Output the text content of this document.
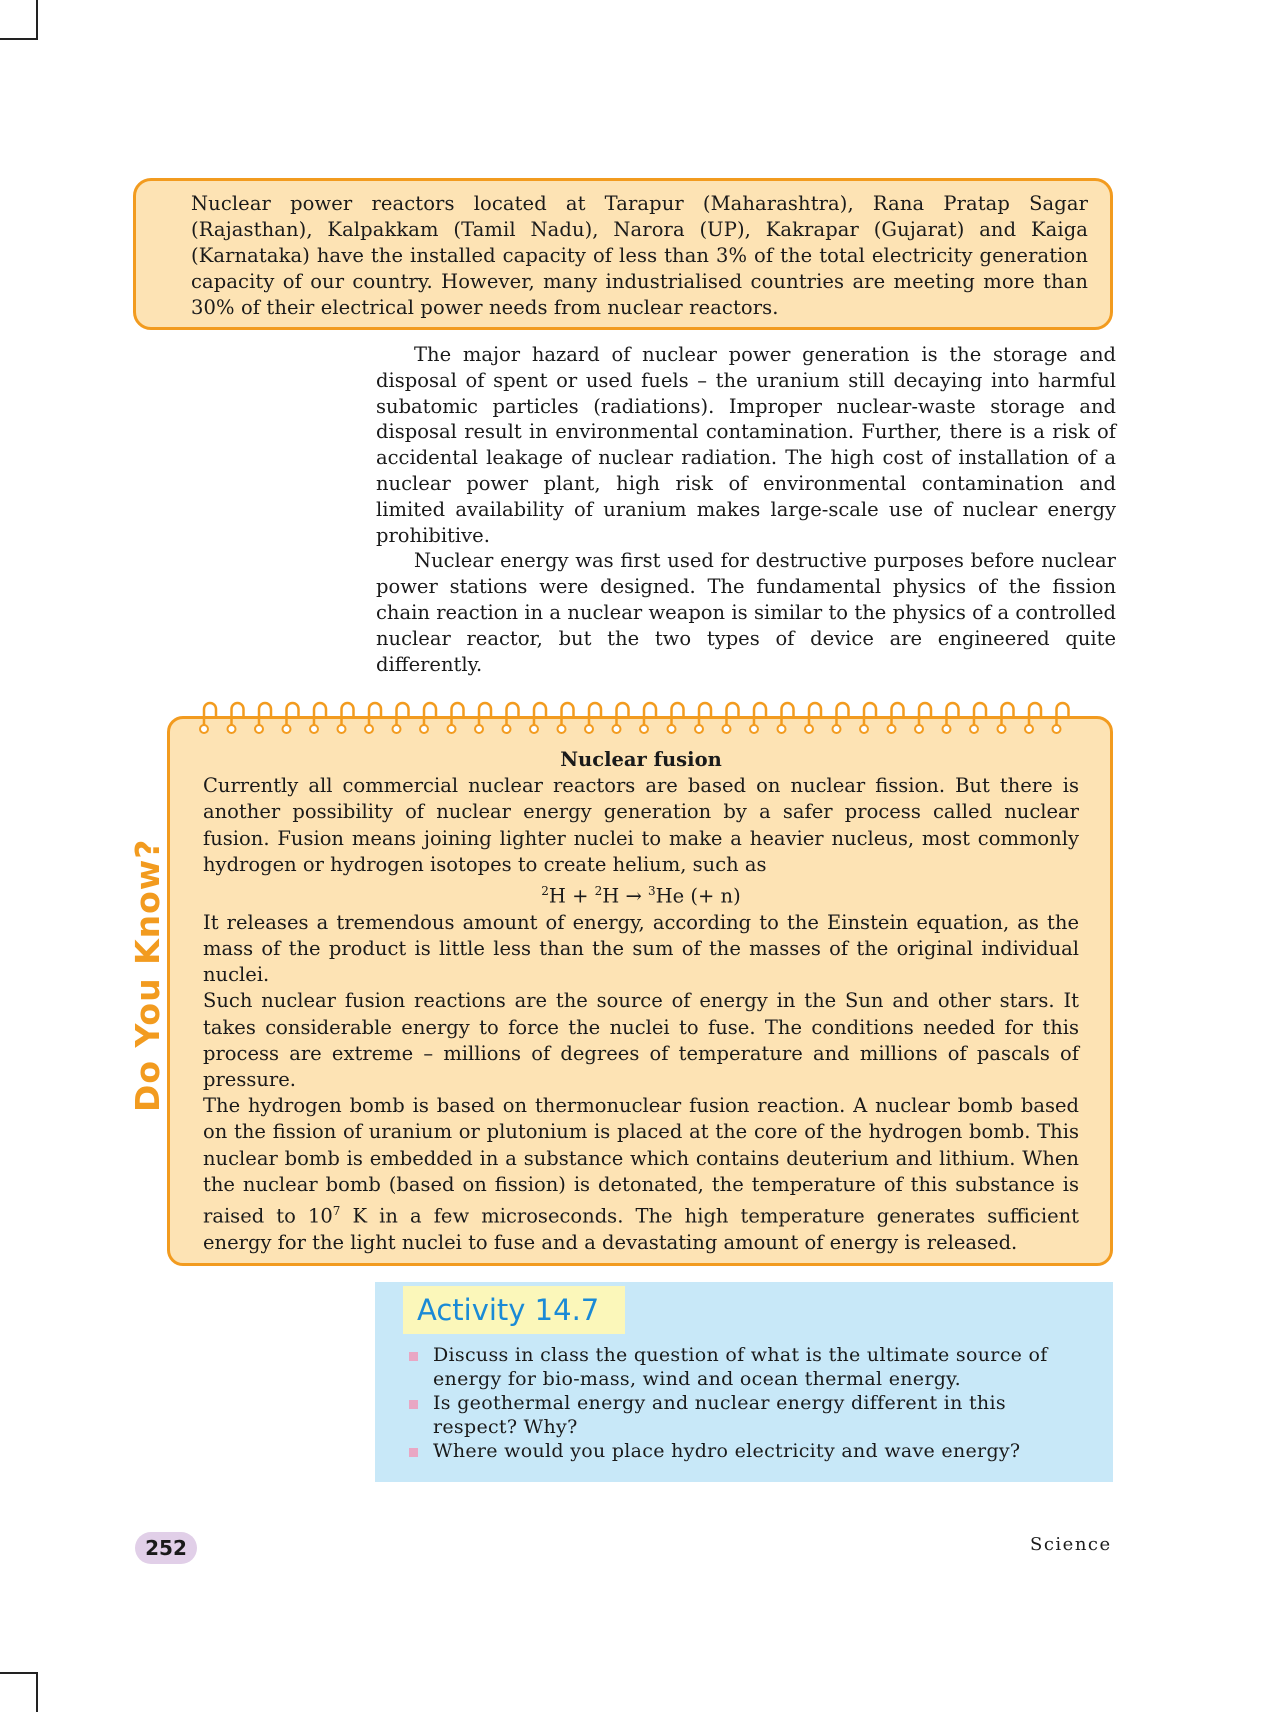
Nuclear power reactors located at Tarapur (Maharashtra), Rana Pratap Sagar (Rajasthan), Kalpakkam (Tamil Nadu), Narora (UP), Kakrapar (Gujarat) and Kaiga (Karnataka) have the installed capacity of less than 3% of the total electricity generation capacity of our country. However, many industrialised countries are meeting more than 30% of their electrical power needs from nuclear reactors.

The major hazard of nuclear power generation is the storage and disposal of spent or used fuels – the uranium still decaying into harmful subatomic particles (radiations). Improper nuclear-waste storage and disposal result in environmental contamination. Further, there is a risk of accidental leakage of nuclear radiation. The high cost of installation of a nuclear power plant, high risk of environmental contamination and limited availability of uranium makes large-scale use of nuclear energy prohibitive.

Nuclear energy was first used for destructive purposes before nuclear power stations were designed. The fundamental physics of the fission chain reaction in a nuclear weapon is similar to the physics of a controlled nuclear reactor, but the two types of device are engineered quite differently.

Nuclear fusion

Currently all commercial nuclear reactors are based on nuclear fission. But there is another possibility of nuclear energy generation by a safer process called nuclear fusion. Fusion means joining lighter nuclei to make a heavier nucleus, most commonly hydrogen or hydrogen isotopes to create helium, such as

$^2$H + $^2$H → $^3$He (+ n)

It releases a tremendous amount of energy, according to the Einstein equation, as the mass of the product is little less than the sum of the masses of the original individual nuclei.

Such nuclear fusion reactions are the source of energy in the Sun and other stars. It takes considerable energy to force the nuclei to fuse. The conditions needed for this process are extreme – millions of degrees of temperature and millions of pascals of pressure.

The hydrogen bomb is based on thermonuclear fusion reaction. A nuclear bomb based on the fission of uranium or plutonium is placed at the core of the hydrogen bomb. This nuclear bomb is embedded in a substance which contains deuterium and lithium. When the nuclear bomb (based on fission) is detonated, the temperature of this substance is raised to $10^7$ K in a few microseconds. The high temperature generates sufficient energy for the light nuclei to fuse and a devastating amount of energy is released.

Do You Know?
Activity 14.7
Discuss in class the question of what is the ultimate source of energy for bio-mass, wind and ocean thermal energy.
Is geothermal energy and nuclear energy different in this respect? Why?
Where would you place hydro electricity and wave energy?
252	Science
